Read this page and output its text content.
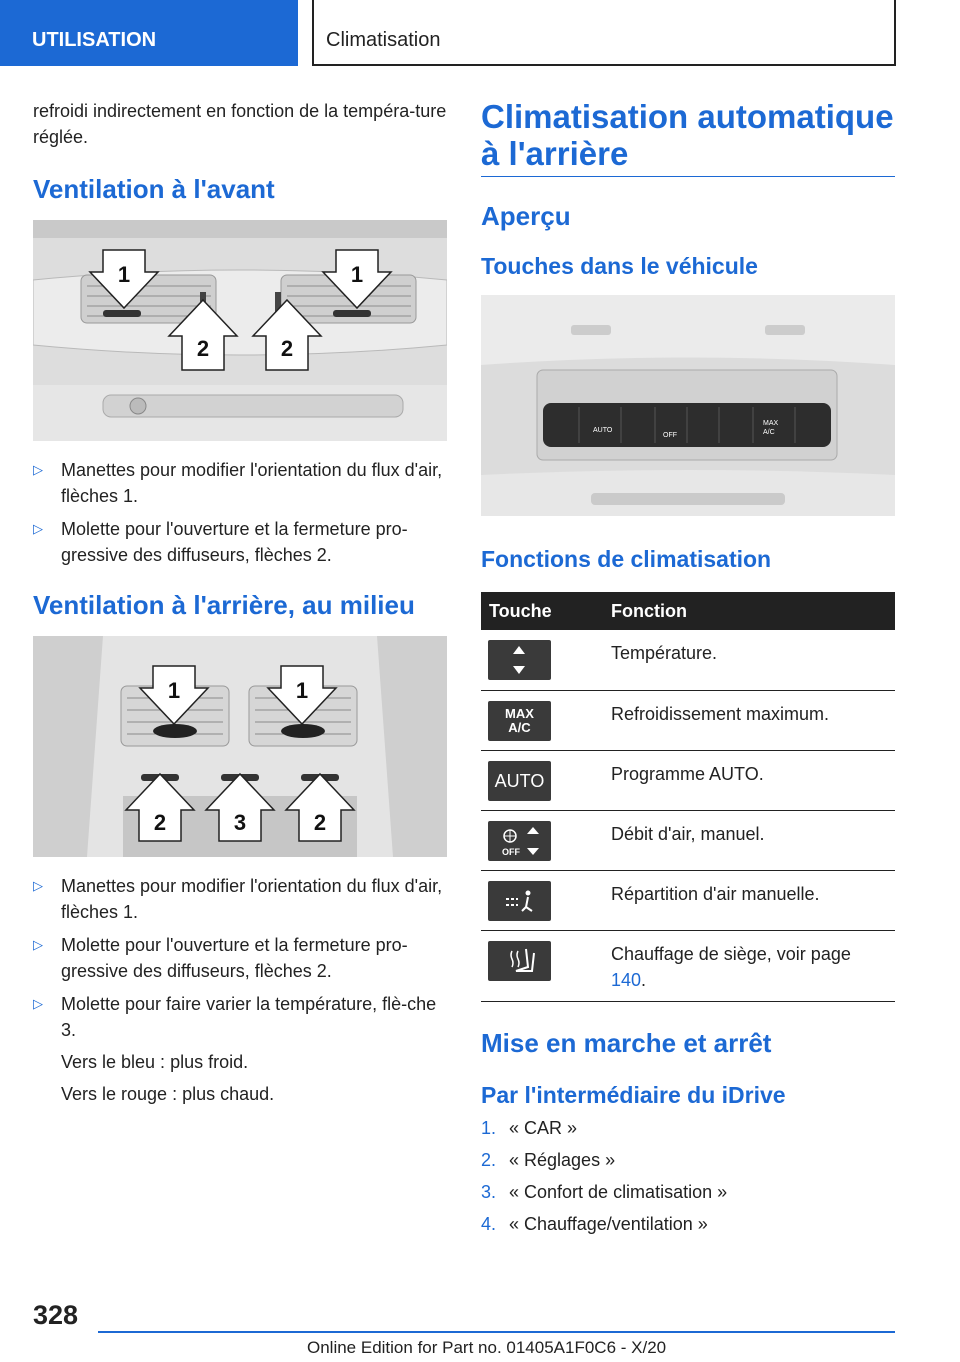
UTILISATION	Climatisation

refroidi indirectement en fonction de la tempéra-ture réglée.

Ventilation à l'avant
1	1
2	2
▷ Manettes pour modifier l'orientation du flux d'air, flèches 1.
▷ Molette pour l'ouverture et la fermeture pro-gressive des diffuseurs, flèches 2.
Ventilation à l'arrière, au milieu
1	1
2	3	2
▷ Manettes pour modifier l'orientation du flux d'air, flèches 1.
▷ Molette pour l'ouverture et la fermeture pro-gressive des diffuseurs, flèches 2.
▷ Molette pour faire varier la température, flè-che 3.
Vers le bleu : plus froid.
Vers le rouge : plus chaud.
Climatisation automatique à l'arrière
Aperçu
Touches dans le véhicule
AUTO
OFF
MAX
A/C
Fonctions de climatisation
Touche	Fonction

	Température.

MAX
A/C	Refroidissement maximum.

AUTO	Programme AUTO.

OFF	Débit d'air, manuel.

	Répartition d'air manuelle.

	Chauffage de siège, voir page 140.
Mise en marche et arrêt
Par l'intermédiaire du iDrive
1. « CAR »
2. « Réglages »
3. « Confort de climatisation »
4. « Chauffage/ventilation »
328
Online Edition for Part no. 01405A1F0C6 - X/20
